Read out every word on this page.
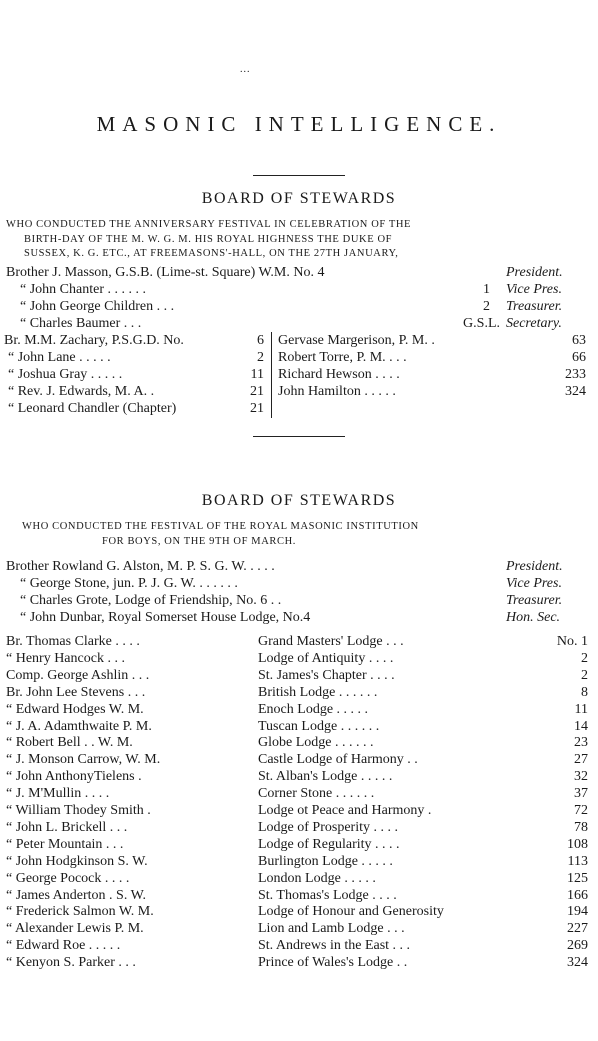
...
MASONIC INTELLIGENCE.
BOARD OF STEWARDS
WHO CONDUCTED THE ANNIVERSARY FESTIVAL IN CELEBRATION OF THE
BIRTH-DAY OF THE M. W. G. M. HIS ROYAL HIGHNESS THE DUKE OF
SUSSEX, K. G. ETC., AT FREEMASONS'-HALL, ON THE 27TH JANUARY,
Brother J. Masson, G.S.B. (Lime-st. Square) W.M. No. 4	President.
“ John Chanter . . . . . .	1 Vice Pres.
“ John George Children . . .	2 Treasurer.
“ Charles Baumer . . .	G.S.L. Secretary.
Br. M.M. Zachary, P.S.G.D. No.	6
“ John Lane . . . . .	2
“ Joshua Gray . . . . .	11
“ Rev. J. Edwards, M. A. .	21
“ Leonard Chandler (Chapter)	21
Gervase Margerison, P. M. .	63
Robert Torre, P. M. . . .	66
Richard Hewson . . . .	233
John Hamilton . . . . .	324
BOARD OF STEWARDS
WHO CONDUCTED THE FESTIVAL OF THE ROYAL MASONIC INSTITUTION
FOR BOYS, ON THE 9TH OF MARCH.
Brother Rowland G. Alston, M. P. S. G. W. . . . .	President.
“ George Stone, jun. P. J. G. W. . . . . . .	Vice Pres.
“ Charles Grote, Lodge of Friendship, No. 6 . .	Treasurer.
“ John Dunbar, Royal Somerset House Lodge, No.4	Hon. Sec.
Br. Thomas Clarke . . . .	Grand Masters' Lodge . . .	No. 1
“ Henry Hancock . . .	Lodge of Antiquity . . . .	2
Comp. George Ashlin . . .	St. James's Chapter . . . .	2
Br. John Lee Stevens . . .	British Lodge . . . . . .	8
“ Edward Hodges W. M.	Enoch Lodge . . . . .	11
“ J. A. Adamthwaite P. M.	Tuscan Lodge . . . . . .	14
“ Robert Bell . . W. M.	Globe Lodge . . . . . .	23
“ J. Monson Carrow, W. M.	Castle Lodge of Harmony . .	27
“ John AnthonyTielens .	St. Alban's Lodge . . . . .	32
“ J. M'Mullin . . . .	Corner Stone . . . . . .	37
“ William Thodey Smith .	Lodge ot Peace and Harmony .	72
“ John L. Brickell . . .	Lodge of Prosperity . . . .	78
“ Peter Mountain . . .	Lodge of Regularity . . . .	108
“ John Hodgkinson S. W.	Burlington Lodge . . . . .	113
“ George Pocock . . . .	London Lodge . . . . .	125
“ James Anderton . S. W.	St. Thomas's Lodge . . . .	166
“ Frederick Salmon W. M.	Lodge of Honour and Generosity	194
“ Alexander Lewis P. M.	Lion and Lamb Lodge . . .	227
“ Edward Roe . . . . .	St. Andrews in the East . . .	269
“ Kenyon S. Parker . . .	Prince of Wales's Lodge . .	324
